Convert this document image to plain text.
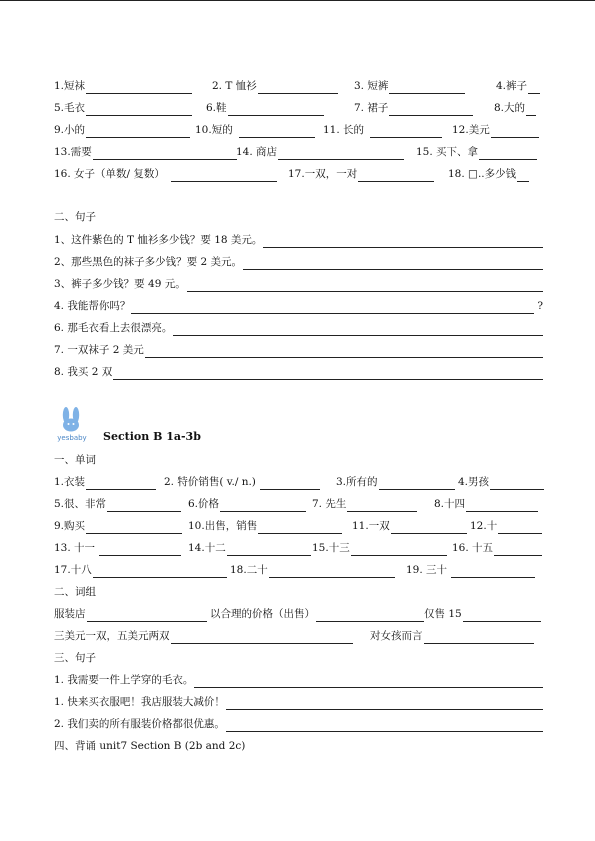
1.短袜	2. T 恤衫	3. 短裤	4.裤子
5.毛衣	6.鞋	7. 裙子	8.大的
9.小的	10.短的	11. 长的	12.美元
13.需要	14. 商店	15. 买下、拿
16. 女子（单数/ 复数）	17.一双，一对	18. □..多少钱
二、句子
1、这件紫色的 T 恤衫多少钱？要 18 美元。
2、那些黑色的袜子多少钱？要 2 美元。
3、裤子多少钱？要 49 元。
4. 我能帮你吗？	?
6. 那毛衣看上去很漂亮。
7. 一双袜子 2 美元
8. 我买 2 双
yesbaby Section B 1a-3b
一、单词
1.衣装	2. 特价销售( v./ n.)	3.所有的	4.男孩
5.很、非常	6.价格	7. 先生	8.十四
9.购买	10.出售，销售	11.一双	12.十
13. 十一	14.十二	15.十三	16. 十五
17.十八	18.二十	19. 三十
二、词组
服装店	以合理的价格（出售）	仅售 15
三美元一双，五美元两双	对女孩而言
三、句子
1. 我需要一件上学穿的毛衣。
1. 快来买衣服吧！我店服装大减价！
2. 我们卖的所有服装价格都很优惠。
四、背诵 unit7 Section B (2b and 2c)
